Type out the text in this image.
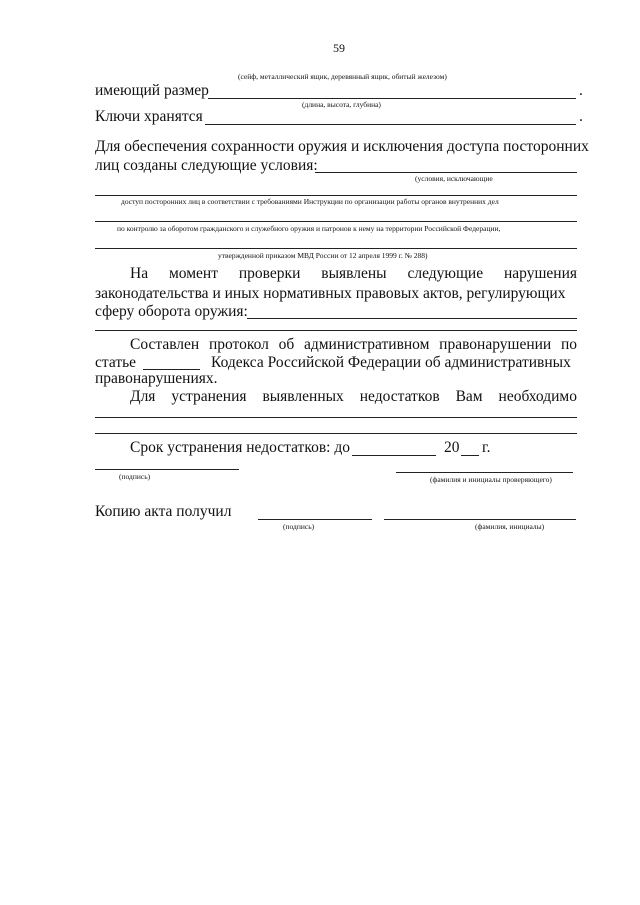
59
(сейф, металлический ящик, деревянный ящик, обитый железом)
имеющий размер	.
(длина, высота, глубина)
Ключи хранятся	.
Для обеспечения сохранности оружия и исключения доступа посторонних
лиц созданы следующие условия:
(условия, исключающие
доступ посторонних лиц в соответствии с требованиями Инструкции по организации работы органов внутренних дел
по контролю за оборотом гражданского и служебного оружия и патронов к нему на территории Российской Федерации,
утвержденной приказом МВД России от 12 апреля 1999 г. № 288)
На момент проверки выявлены следующие нарушения
законодательства и иных нормативных правовых актов, регулирующих
сферу оборота оружия:
Составлен протокол об административном правонарушении по
статье	Кодекса Российской Федерации об административных
правонарушениях.
Для устранения выявленных недостатков Вам необходимо
Срок устранения недостатков: до	20 г.
(подпись)	(фамилия и инициалы проверяющего)
Копию акта получил
(подпись)	(фамилия, инициалы)
